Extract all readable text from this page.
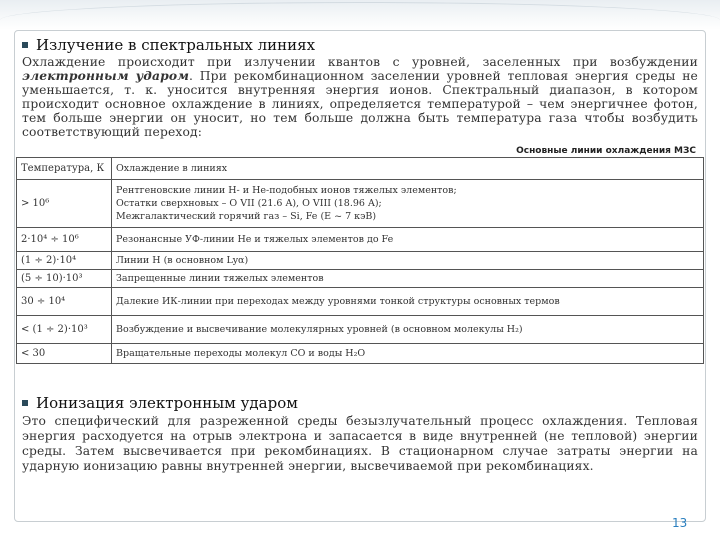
Излучение в спектральных линиях
Охлаждение происходит при излучении квантов с уровней, заселенных при возбуждении электронным ударом. При рекомбинационном заселении уровней тепловая энергия среды не уменьшается, т. к. уносится внутренняя энергия ионов. Спектральный диапазон, в котором происходит основное охлаждение в линиях, определяется температурой – чем энергичнее фотон, тем больше энергии он уносит, но тем больше должна быть температура газа чтобы возбудить соответствующий переход:
Основные линии охлаждения МЗС
Температура, К	Охлаждение в линиях
> 10⁶	Рентгеновские линии H- и He-подобных ионов тяжелых элементов;
Остатки сверхновых – O VII (21.6 A), O VIII (18.96 A);
Межгалактический горячий газ – Si, Fe (E ~ 7 кэВ)

2·10⁴ ÷ 10⁶	Резонансные УФ-линии He и тяжелых элементов до Fe
(1 ÷ 2)·10⁴	Линии H (в основном Lyα)
(5 ÷ 10)·10³	Запрещенные линии тяжелых элементов
30 ÷ 10⁴	Далекие ИК-линии при переходах между уровнями тонкой структуры основных термов
< (1 ÷ 2)·10³	Возбуждение и высвечивание молекулярных уровней (в основном молекулы H₂)
< 30	Вращательные переходы молекул CO и воды H₂O
Ионизация электронным ударом
Это специфический для разреженной среды безызлучательный процесс охлаждения. Тепловая энергия расходуется на отрыв электрона и запасается в виде внутренней (не тепловой) энергии среды. Затем высвечивается при рекомбинациях. В стационарном случае затраты энергии на ударную ионизацию равны внутренней энергии, высвечиваемой при рекомбинациях.
13
